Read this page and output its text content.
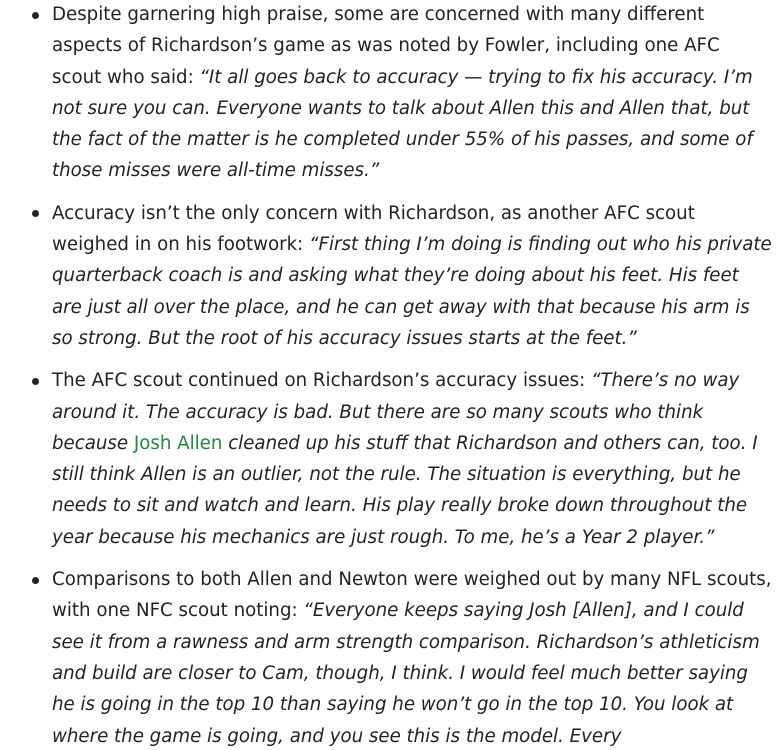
Despite garnering high praise, some are concerned with many different aspects of Richardson’s game as was noted by Fowler, including one AFC scout who said: “It all goes back to accuracy — trying to fix his accuracy. I’m not sure you can. Everyone wants to talk about Allen this and Allen that, but the fact of the matter is he completed under 55% of his passes, and some of those misses were all-time misses.”
Accuracy isn’t the only concern with Richardson, as another AFC scout weighed in on his footwork: “First thing I’m doing is finding out who his private quarterback coach is and asking what they’re doing about his feet. His feet are just all over the place, and he can get away with that because his arm is so strong. But the root of his accuracy issues starts at the feet.”
The AFC scout continued on Richardson’s accuracy issues: “There’s no way around it. The accuracy is bad. But there are so many scouts who think because Josh Allen cleaned up his stuff that Richardson and others can, too. I still think Allen is an outlier, not the rule. The situation is everything, but he needs to sit and watch and learn. His play really broke down throughout the year because his mechanics are just rough. To me, he’s a Year 2 player.”
Comparisons to both Allen and Newton were weighed out by many NFL scouts, with one NFC scout noting: “Everyone keeps saying Josh [Allen], and I could see it from a rawness and arm strength comparison. Richardson’s athleticism and build are closer to Cam, though, I think. I would feel much better saying he is going in the top 10 than saying he won’t go in the top 10. You look at where the game is going, and you see this is the model. Every
